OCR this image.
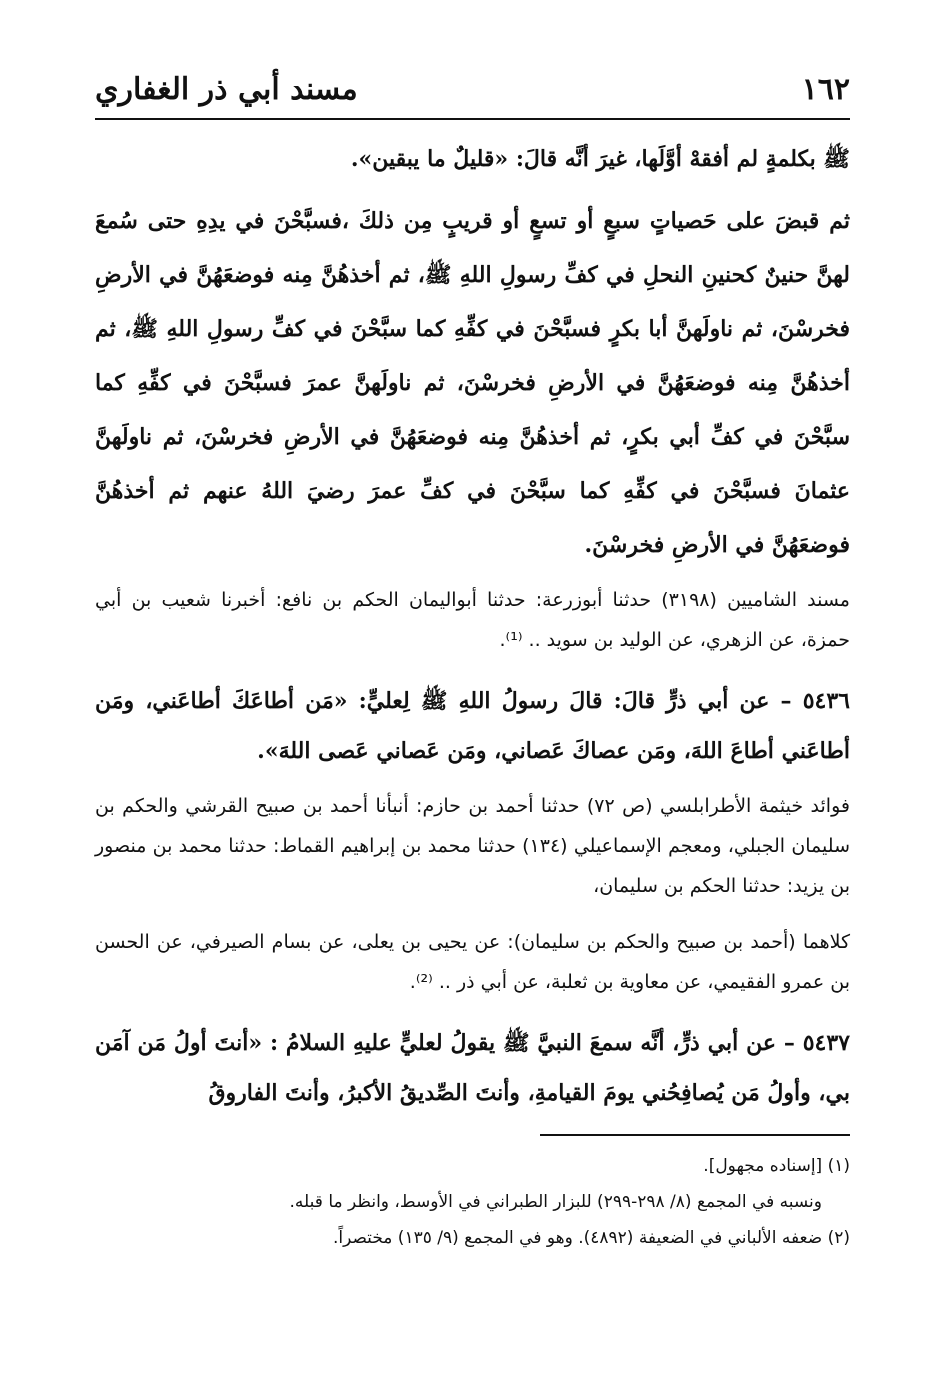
١٦٢
مسند أبي ذر الغفاري

ﷺ بكلمةٍ لم أفقهْ أوَّلَها، غيرَ أنَّه قالَ: «قليلٌ ما يبقين».

ثم قبضَ على حَصياتٍ سبعٍ أو تسعٍ أو قريبٍ مِن ذلكَ ،فسبَّحْنَ في يدِهِ حتى سُمعَ لهنَّ حنينٌ كحنينِ النحلِ في كفِّ رسولِ اللهِ ﷺ، ثم أخذهُنَّ مِنه فوضعَهُنَّ في الأرضِ فخرسْنَ، ثم ناولَهنَّ أبا بكرٍ فسبَّحْنَ في كفِّهِ كما سبَّحْنَ في كفِّ رسولِ اللهِ ﷺ، ثم أخذهُنَّ مِنه فوضعَهُنَّ في الأرضِ فخرسْنَ، ثم ناولَهنَّ عمرَ فسبَّحْنَ في كفِّهِ كما سبَّحْنَ في كفِّ أبي بكرٍ، ثم أخذهُنَّ مِنه فوضعَهُنَّ في الأرضِ فخرسْنَ، ثم ناولَهنَّ عثمانَ فسبَّحْنَ في كفِّهِ كما سبَّحْنَ في كفِّ عمرَ رضيَ اللهُ عنهم ثم أخذهُنَّ فوضعَهُنَّ في الأرضِ فخرسْنَ.

مسند الشاميين (٣١٩٨) حدثنا أبوزرعة: حدثنا أبواليمان الحكم بن نافع: أخبرنا شعيب بن أبي حمزة، عن الزهري، عن الوليد بن سويد .. ⁽¹⁾.

٥٤٣٦ – عن أبي ذرٍّ قالَ: قالَ رسولُ اللهِ ﷺ لِعليٍّ: «مَن أطاعَكَ أطاعَني، ومَن أطاعَني أطاعَ اللهَ، ومَن عصاكَ عَصاني، ومَن عَصاني عَصى اللهَ».

فوائد خيثمة الأطرابلسي (ص ٧٢) حدثنا أحمد بن حازم: أنبأنا أحمد بن صبيح القرشي والحكم بن سليمان الجبلي، ومعجم الإسماعيلي (١٣٤) حدثنا محمد بن إبراهيم القماط: حدثنا محمد بن منصور بن يزيد: حدثنا الحكم بن سليمان،

كلاهما (أحمد بن صبيح والحكم بن سليمان): عن يحيى بن يعلى، عن بسام الصيرفي، عن الحسن بن عمرو الفقيمي، عن معاوية بن ثعلبة، عن أبي ذر .. ⁽²⁾.

٥٤٣٧ – عن أبي ذرٍّ، أنَّه سمعَ النبيَّ ﷺ يقولُ لعليٍّ عليهِ السلامُ : «أنتَ أولُ مَن آمَن بي، وأولُ مَن يُصافِحُني يومَ القيامةِ، وأنتَ الصِّديقُ الأكبرُ، وأنتَ الفاروقُ

(١) [إسناده مجهول].

ونسبه في المجمع (٨/ ٢٩٨-٢٩٩) للبزار الطبراني في الأوسط، وانظر ما قبله.

(٢) ضعفه الألباني في الضعيفة (٤٨٩٢). وهو في المجمع (٩/ ١٣٥) مختصراً.
